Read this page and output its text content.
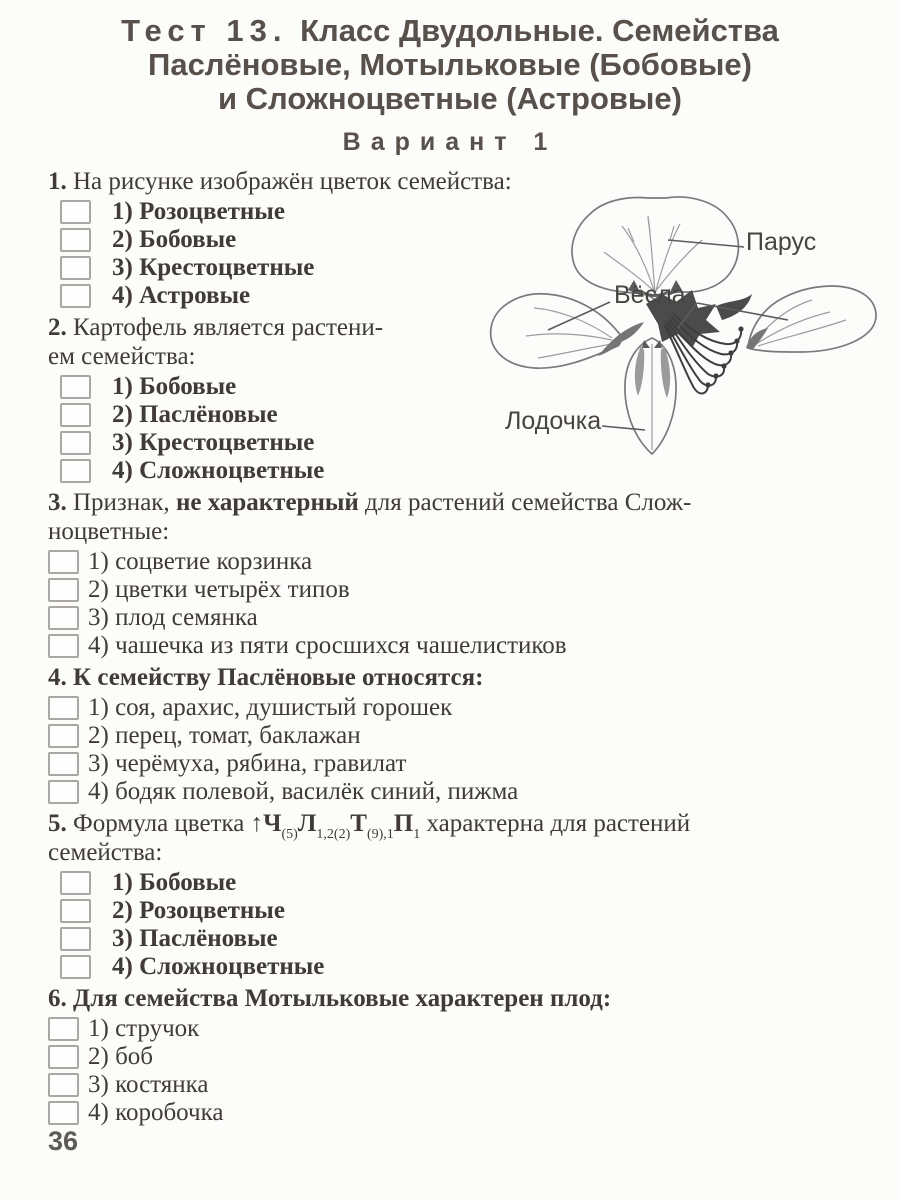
Тест 13. Класс Двудольные. Семейства
Паслёновые, Мотыльковые (Бобовые)
и Сложноцветные (Астровые)
Вариант 1

1. На рисунке изображён цветок семейства:

1) Розоцветные
2) Бобовые
3) Крестоцветные
4) Астровые

2. Картофель является растени-
ем семейства:

1) Бобовые
2) Паслёновые
3) Крестоцветные
4) Сложноцветные

3. Признак, не характерный для растений семейства Слож-
ноцветные:

1) соцветие корзинка
2) цветки четырёх типов
3) плод семянка
4) чашечка из пяти сросшихся чашелистиков

4. К семейству Паслёновые относятся:

1) соя, арахис, душистый горошек
2) перец, томат, баклажан
3) черёмуха, рябина, гравилат
4) бодяк полевой, василёк синий, пижма

5. Формула цветка $↑Ч_{(5)}Л_{1,2(2)}Т_{(9),1}П_1$ характерна для растений
семейства:

1) Бобовые
2) Розоцветные
3) Паслёновые
4) Сложноцветные

6. Для семейства Мотыльковые характерен плод:

1) стручок
2) боб
3) костянка
4) коробочка
Парус
Вёсла
Лодочка
36
